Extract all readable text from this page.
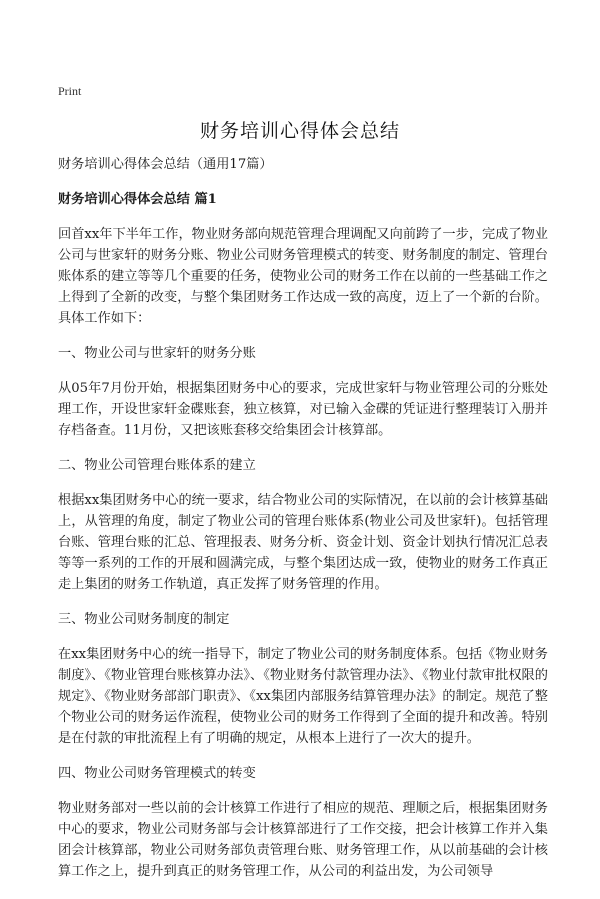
Print
财务培训心得体会总结

财务培训心得体会总结（通用17篇）

财务培训心得体会总结 篇1

回首xx年下半年工作，物业财务部向规范管理合理调配又向前跨了一步，完成了物业公司与世家轩的财务分账、物业公司财务管理模式的转变、财务制度的制定、管理台账体系的建立等等几个重要的任务，使物业公司的财务工作在以前的一些基础工作之上得到了全新的改变，与整个集团财务工作达成一致的高度，迈上了一个新的台阶。具体工作如下：

一、物业公司与世家轩的财务分账

从05年7月份开始，根据集团财务中心的要求，完成世家轩与物业管理公司的分账处理工作，开设世家轩金碟账套，独立核算，对已输入金碟的凭证进行整理装订入册并存档备查。11月份，又把该账套移交给集团会计核算部。

二、物业公司管理台账体系的建立

根据xx集团财务中心的统一要求，结合物业公司的实际情况，在以前的会计核算基础上，从管理的角度，制定了物业公司的管理台账体系(物业公司及世家轩)。包括管理台账、管理台账的汇总、管理报表、财务分析、资金计划、资金计划执行情况汇总表等等一系列的工作的开展和圆满完成，与整个集团达成一致，使物业的财务工作真正走上集团的财务工作轨道，真正发挥了财务管理的作用。

三、物业公司财务制度的制定

在xx集团财务中心的统一指导下，制定了物业公司的财务制度体系。包括《物业财务制度》、《物业管理台账核算办法》、《物业财务付款管理办法》、《物业付款审批权限的规定》、《物业财务部部门职责》、《xx集团内部服务结算管理办法》的制定。规范了整个物业公司的财务运作流程，使物业公司的财务工作得到了全面的提升和改善。特别是在付款的审批流程上有了明确的规定，从根本上进行了一次大的提升。

四、物业公司财务管理模式的转变

物业财务部对一些以前的会计核算工作进行了相应的规范、理顺之后，根据集团财务中心的要求，物业公司财务部与会计核算部进行了工作交接，把会计核算工作并入集团会计核算部，物业公司财务部负责管理台账、财务管理工作，从以前基础的会计核算工作之上，提升到真正的财务管理工作，从公司的利益出发，为公司领导
